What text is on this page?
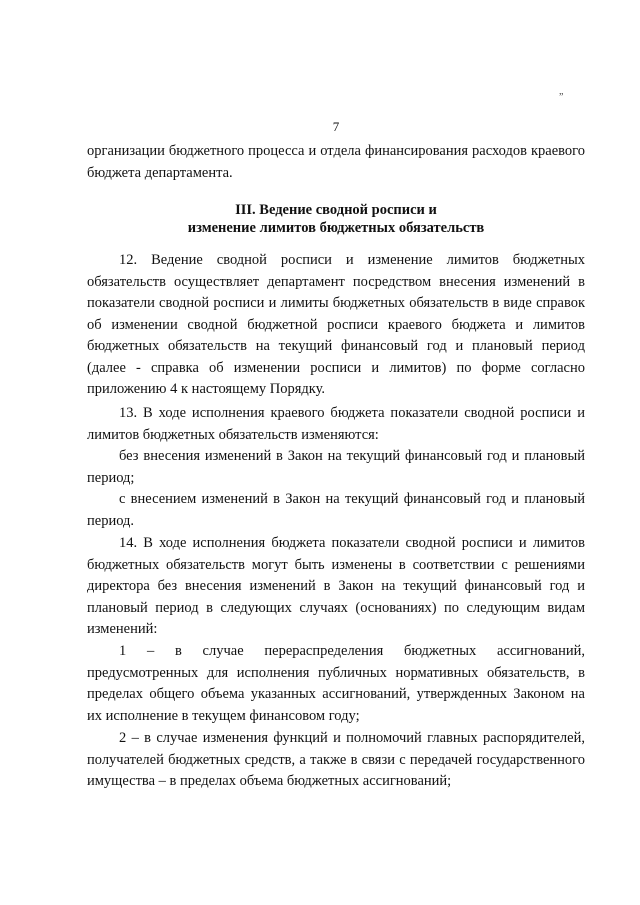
ˮ
7
организации бюджетного процесса и отдела финансирования расходов краевого
бюджета департамента.
III. Ведение сводной росписи и
изменение лимитов бюджетных обязательств
12. Ведение сводной росписи и изменение лимитов бюджетных
обязательств осуществляет департамент посредством внесения изменений в
показатели сводной росписи и лимиты бюджетных обязательств в виде справок
об изменении сводной бюджетной росписи краевого бюджета и лимитов
бюджетных обязательств на текущий финансовый год и плановый период
(далее - справка об изменении росписи и лимитов) по форме согласно
приложению 4 к настоящему Порядку.
13. В ходе исполнения краевого бюджета показатели сводной росписи и
лимитов бюджетных обязательств изменяются:
без внесения изменений в Закон на текущий финансовый год и плановый
период;
с внесением изменений в Закон на текущий финансовый год и плановый
период.
14. В ходе исполнения бюджета показатели сводной росписи и лимитов
бюджетных обязательств могут быть изменены в соответствии с решениями
директора без внесения изменений в Закон на текущий финансовый год и
плановый период в следующих случаях (основаниях) по следующим видам
изменений:
1 – в случае перераспределения бюджетных ассигнований,
предусмотренных для исполнения публичных нормативных обязательств, в
пределах общего объема указанных ассигнований, утвержденных Законом на
их исполнение в текущем финансовом году;
2 – в случае изменения функций и полномочий главных распорядителей,
получателей бюджетных средств, а также в связи с передачей государственного
имущества – в пределах объема бюджетных ассигнований;
